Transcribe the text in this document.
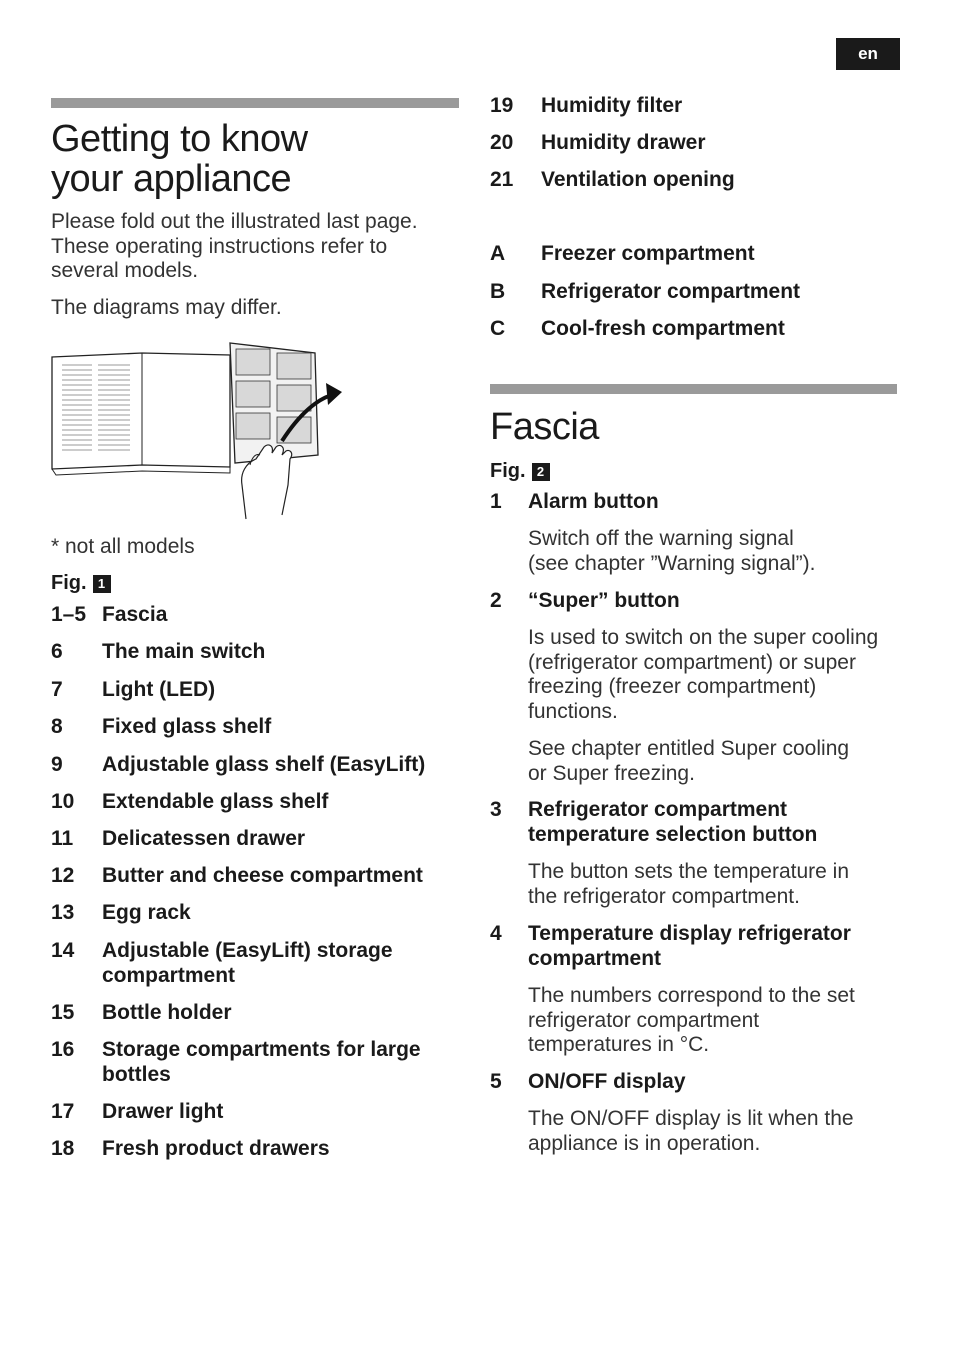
en
Getting to know
your appliance

Please fold out the illustrated last page.
These operating instructions refer to
several models.

The diagrams may differ.

* not all models

Fig. 1
1–5 Fascia
6 The main switch
7 Light (LED)
8 Fixed glass shelf
9 Adjustable glass shelf (EasyLift)
10 Extendable glass shelf
11 Delicatessen drawer
12 Butter and cheese compartment
13 Egg rack
14 Adjustable (EasyLift) storage
compartment
15 Bottle holder
16 Storage compartments for large
bottles
17 Drawer light
18 Fresh product drawers
19 Humidity filter
20 Humidity drawer
21 Ventilation opening
A Freezer compartment
B Refrigerator compartment
C Cool-fresh compartment
Fascia
Fig. 2
1 Alarm button

Switch off the warning signal
(see chapter ”Warning signal”).

2 “Super” button

Is used to switch on the super cooling
(refrigerator compartment) or super
freezing (freezer compartment)
functions.

See chapter entitled Super cooling
or Super freezing.

3 Refrigerator compartment
temperature selection button

The button sets the temperature in
the refrigerator compartment.

4 Temperature display refrigerator
compartment

The numbers correspond to the set
refrigerator compartment
temperatures in °C.

5 ON/OFF display

The ON/OFF display is lit when the
appliance is in operation.
